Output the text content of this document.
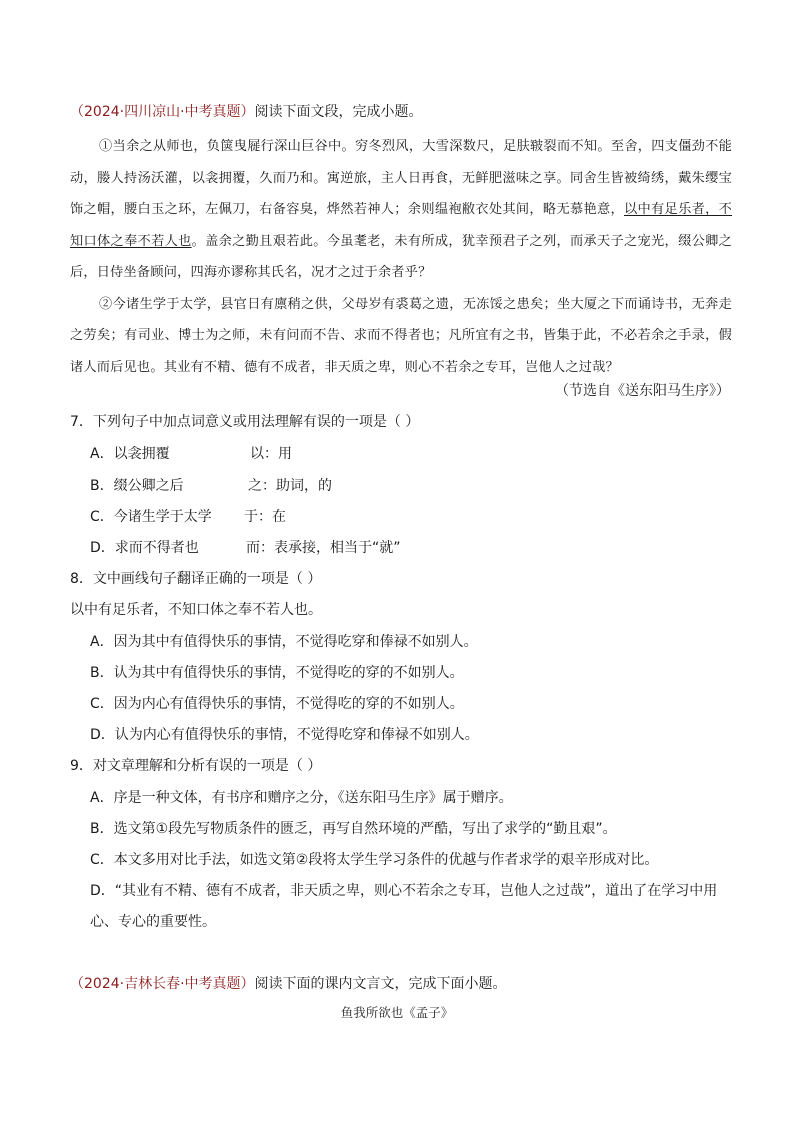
（2024·四川凉山·中考真题）阅读下面文段，完成小题。

①当余之从师也，负箧曳屣行深山巨谷中。穷冬烈风，大雪深数尺，足肤皲裂而不知。至舍，四支僵劲不能动，媵人持汤沃灌，以衾拥覆，久而乃和。寓逆旅，主人日再食，无鲜肥滋味之享。同舍生皆被绮绣，戴朱缨宝饰之帽，腰白玉之环，左佩刀，右备容臭，烨然若神人；余则缊袍敝衣处其间，略无慕艳意，以中有足乐者，不知口体之奉不若人也。盖余之勤且艰若此。今虽耄老，未有所成，犹幸预君子之列，而承天子之宠光，缀公卿之后，日侍坐备顾问，四海亦谬称其氏名，况才之过于余者乎？

②今诸生学于太学，县官日有廪稍之供，父母岁有裘葛之遗，无冻馁之患矣；坐大厦之下而诵诗书，无奔走之劳矣；有司业、博士为之师，未有问而不告、求而不得者也；凡所宜有之书，皆集于此，不必若余之手录，假诸人而后见也。其业有不精、德有不成者，非天质之卑，则心不若余之专耳，岂他人之过哉？

（节选自《送东阳马生序》）
7．下列句子中加点词意义或用法理解有误的一项是（ ）
A．以衾拥覆	以：用
B．缀公卿之后	之：助词，的
C．今诸生学于太学 于：在
D．求而不得者也	而：表承接，相当于“就”
8．文中画线句子翻译正确的一项是（ ）
以中有足乐者，不知口体之奉不若人也。
A．因为其中有值得快乐的事情，不觉得吃穿和俸禄不如别人。
B．认为其中有值得快乐的事情，不觉得吃的穿的不如别人。
C．因为内心有值得快乐的事情，不觉得吃的穿的不如别人。
D．认为内心有值得快乐的事情，不觉得吃穿和俸禄不如别人。
9．对文章理解和分析有误的一项是（ ）
A．序是一种文体，有书序和赠序之分，《送东阳马生序》属于赠序。
B．选文第①段先写物质条件的匮乏，再写自然环境的严酷，写出了求学的“勤且艰”。
C．本文多用对比手法，如选文第②段将太学生学习条件的优越与作者求学的艰辛形成对比。
D．“其业有不精、德有不成者，非天质之卑，则心不若余之专耳，岂他人之过哉”，道出了在学习中用心、专心的重要性。
（2024·吉林长春·中考真题）阅读下面的课内文言文，完成下面小题。
鱼我所欲也《孟子》
